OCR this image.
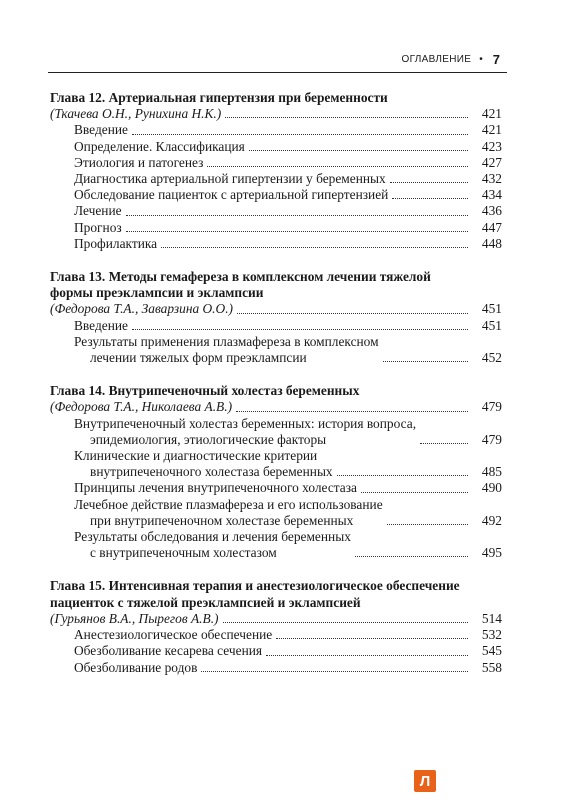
ОГЛАВЛЕНИЕ • 7
Глава 12. Артериальная гипертензия при беременности
(Ткачева О.Н., Рунихина Н.К.)	421
Введение	421
Определение. Классификация	423
Этиология и патогенез	427
Диагностика артериальной гипертензии у беременных	432
Обследование пациенток с артериальной гипертензией	434
Лечение	436
Прогноз	447
Профилактика	448
Глава 13. Методы гемафереза в комплексном лечении тяжелой
формы преэклампсии и эклампсии
(Федорова Т.А., Заварзина О.О.)	451
Введение	451
Результаты применения плазмафереза в комплексном
лечении тяжелых форм преэклампсии	452
Глава 14. Внутрипеченочный холестаз беременных
(Федорова Т.А., Николаева А.В.)	479
Внутрипеченочный холестаз беременных: история вопроса,
эпидемиология, этиологические факторы	479
Клинические и диагностические критерии
внутрипеченочного холестаза беременных	485
Принципы лечения внутрипеченочного холестаза	490
Лечебное действие плазмафереза и его использование
при внутрипеченочном холестазе беременных	492
Результаты обследования и лечения беременных
с внутрипеченочным холестазом	495
Глава 15. Интенсивная терапия и анестезиологическое обеспечение
пациенток с тяжелой преэклампсией и эклампсией
(Гурьянов В.А., Пырегов А.В.)	514
Анестезиологическое обеспечение	532
Обезболивание кесарева сечения	545
Обезболивание родов	558
Л
